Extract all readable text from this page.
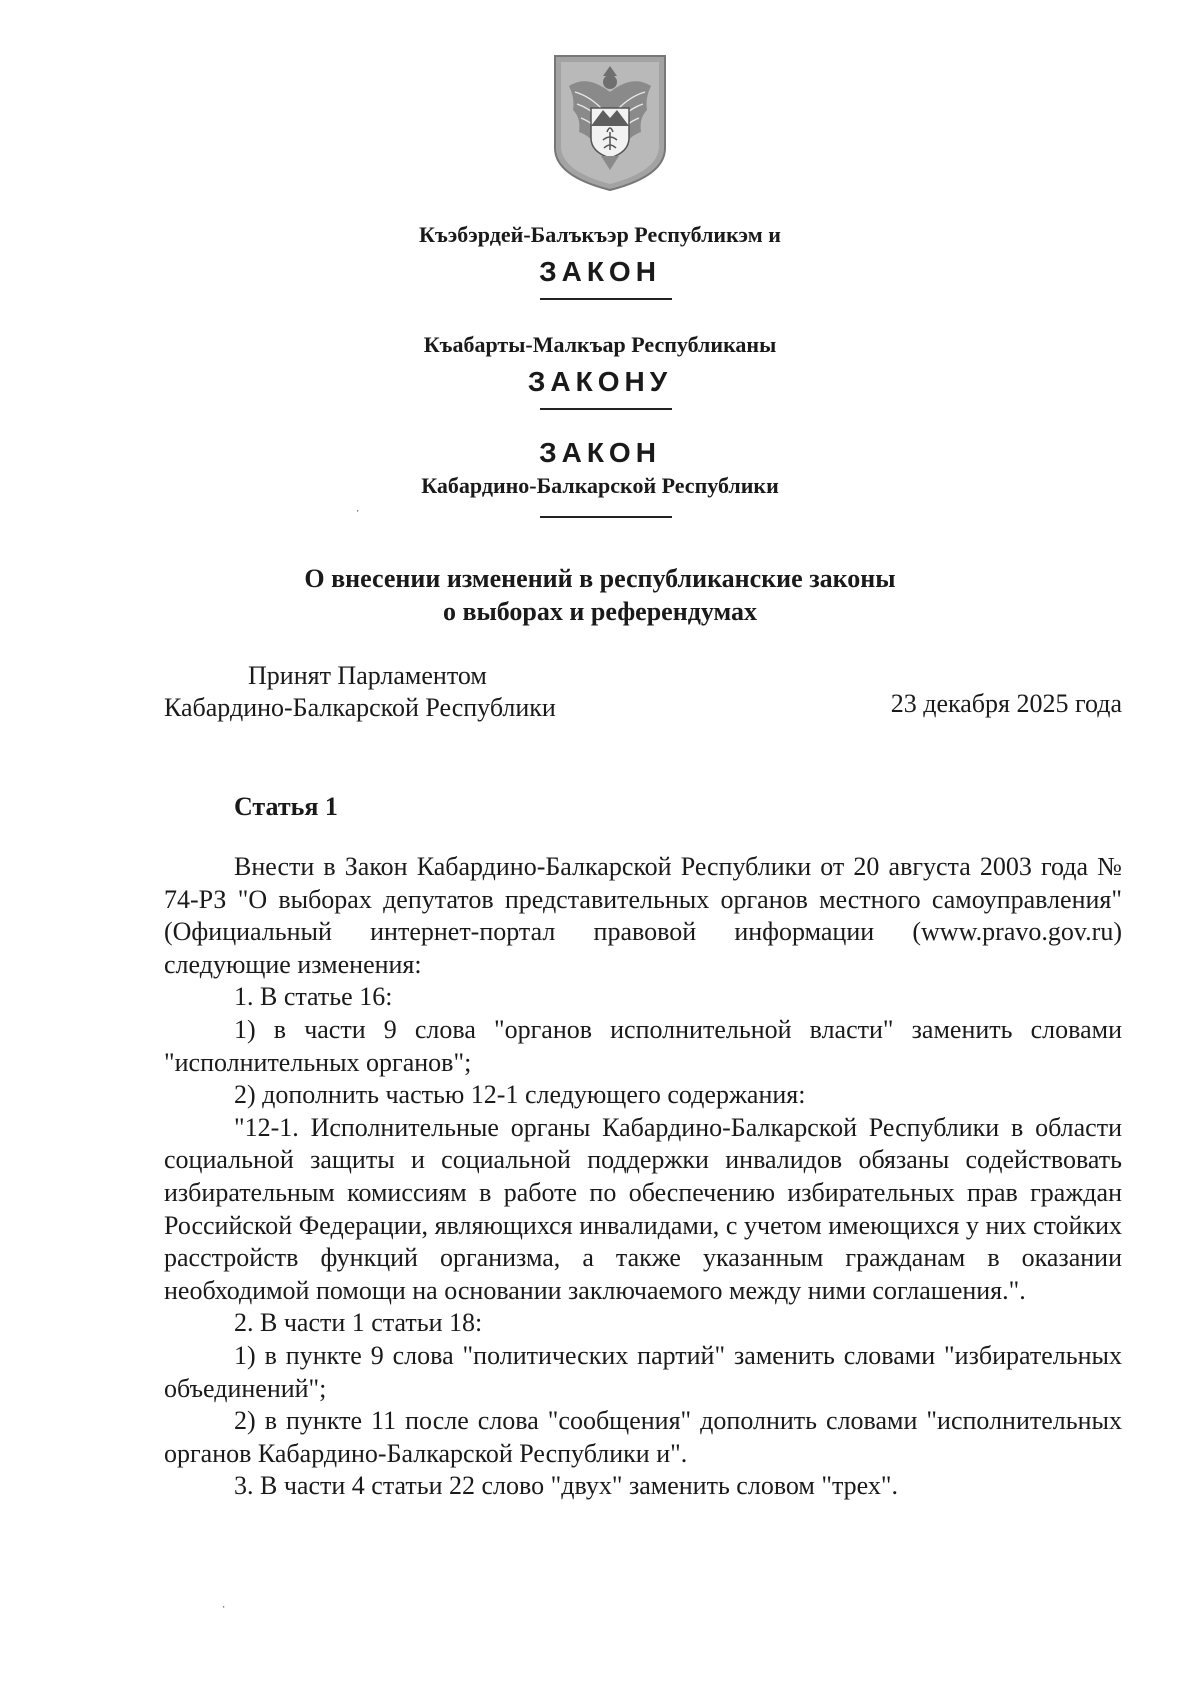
Къэбэрдей-Балъкъэр Республикэм и
ЗАКОН
Къабарты-Малкъар Республиканы
ЗАКОНУ
ЗАКОН
Кабардино-Балкарской Республики
О внесении изменений в республиканские законы
о выборах и референдумах
Принят Парламентом
Кабардино-Балкарской Республики	23 декабря 2025 года
Статья 1

Внести в Закон Кабардино-Балкарской Республики от 20 августа 2003 года № 74-РЗ "О выборах депутатов представительных органов местного самоуправления" (Официальный интернет-портал правовой информации (www.pravo.gov.ru) следующие изменения:

1. В статье 16:

1) в части 9 слова "органов исполнительной власти" заменить словами "исполнительных органов";

2) дополнить частью 12-1 следующего содержания:

"12-1. Исполнительные органы Кабардино-Балкарской Республики в области социальной защиты и социальной поддержки инвалидов обязаны содействовать избирательным комиссиям в работе по обеспечению избирательных прав граждан Российской Федерации, являющихся инвалидами, с учетом имеющихся у них стойких расстройств функций организма, а также указанным гражданам в оказании необходимой помощи на основании заключаемого между ними соглашения.".

2. В части 1 статьи 18:

1) в пункте 9 слова "политических партий" заменить словами "избирательных объединений";

2) в пункте 11 после слова "сообщения" дополнить словами "исполнительных органов Кабардино-Балкарской Республики и".

3. В части 4 статьи 22 слово "двух" заменить словом "трех".

⸱
⸱
